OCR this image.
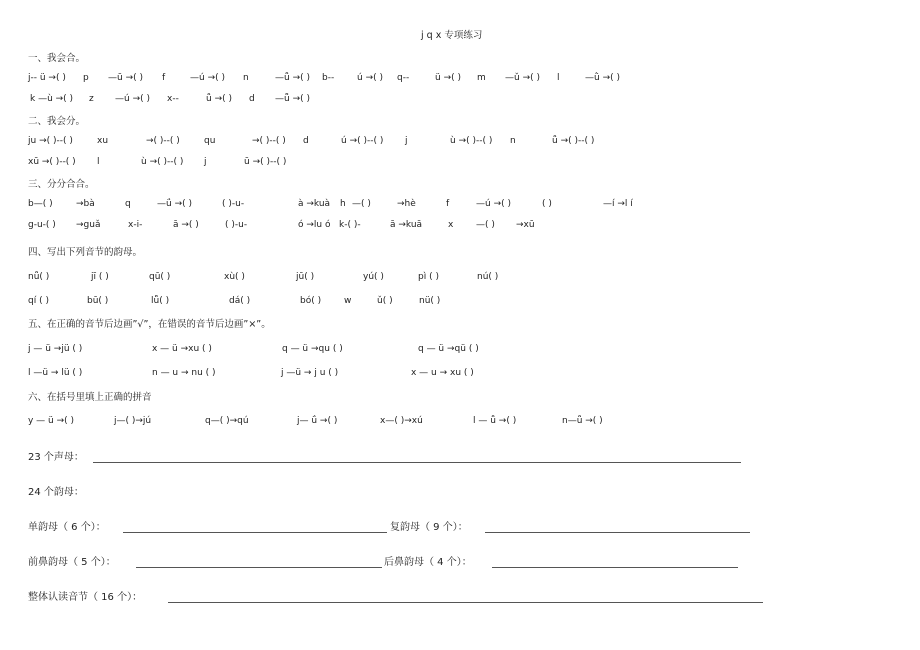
j q x 专项练习
一、我会合。
j-- ü →( ) p —ū →( ) f	—ú →( ) n	—ǚ →( ) b--	ú →( ) q--	ü →( ) m —ǔ →( ) l	—ǜ →( )
k —ù →( ) z —ú →( ) x--	ǚ →( ) d —ǖ →( )
二、我会分。
ju →( )--( )	xu	→( )--( )	qu	→( )--( ) d	ú →( )--( ) j	ù →( )--( ) n	ǚ →( )--( )
xū →( )--( ) l	ù →( )--( ) j	ū →( )--( )
三、分分合合。
b—( )	→bà	q	—ǘ →( )	( )-u-	à →kuà h —( )	→hè	f	—ú →( )	( )	—í →l í
g-u-( ) →guǎ	x-i-	ā →( )	( )-u-	ó →lu ó k-( )-	ā →kuā	x	—( ) →xū
四、写出下列音节的韵母。
nǚ( )	jī ( )	qū( )	xù( )	jū( )	yú( )	pì ( )	nú( )
qí ( )	bū( )	lǖ( )	dá( )	bó( )	w	ǔ( )	nü( )
五、在正确的音节后边画”√”，在错误的音节后边画”×”。
j — ü →jü ( )	x — ü →xu ( )	q — ü →qu ( )	q — ü →qü ( )
l —ü → lü ( )	n — u → nu ( )	j —ü → j u ( )	x — u → xu ( )
六、在括号里填上正确的拼音
y — ü →( )	j—( )→jú	q—( )→qú	j— ǘ →( )	x—( )→xú	l — ǚ →( )	n—ǚ →( )
23 个声母：
24 个韵母：
单韵母（ 6 个）：	复韵母（ 9 个）：
前鼻韵母（ 5 个）：	后鼻韵母（ 4 个）：
整体认读音节（ 16 个）：
